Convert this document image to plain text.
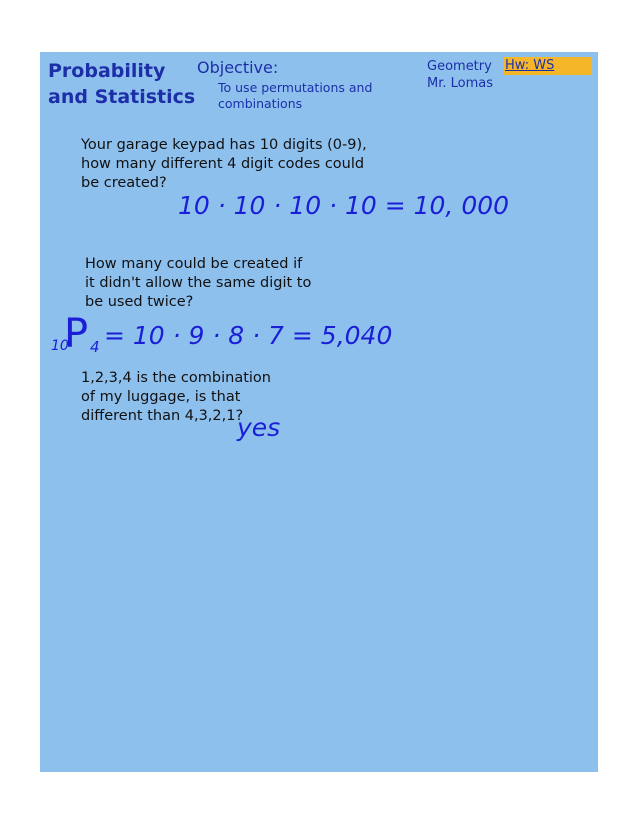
Probability
and Statistics
Objective:
To use permutations and combinations
Geometry
Mr. Lomas
Hw: WS
Your garage keypad has 10 digits (0-9), how many different 4 digit codes could be created?
How many could be created if it didn't allow the same digit to be used twice?
1,2,3,4 is the combination of my luggage, is that different than 4,3,2,1?
10 · 10 · 10 · 10 = 10, 000
10
P 4 = 10 · 9 · 8 · 7 = 5,040
yes
